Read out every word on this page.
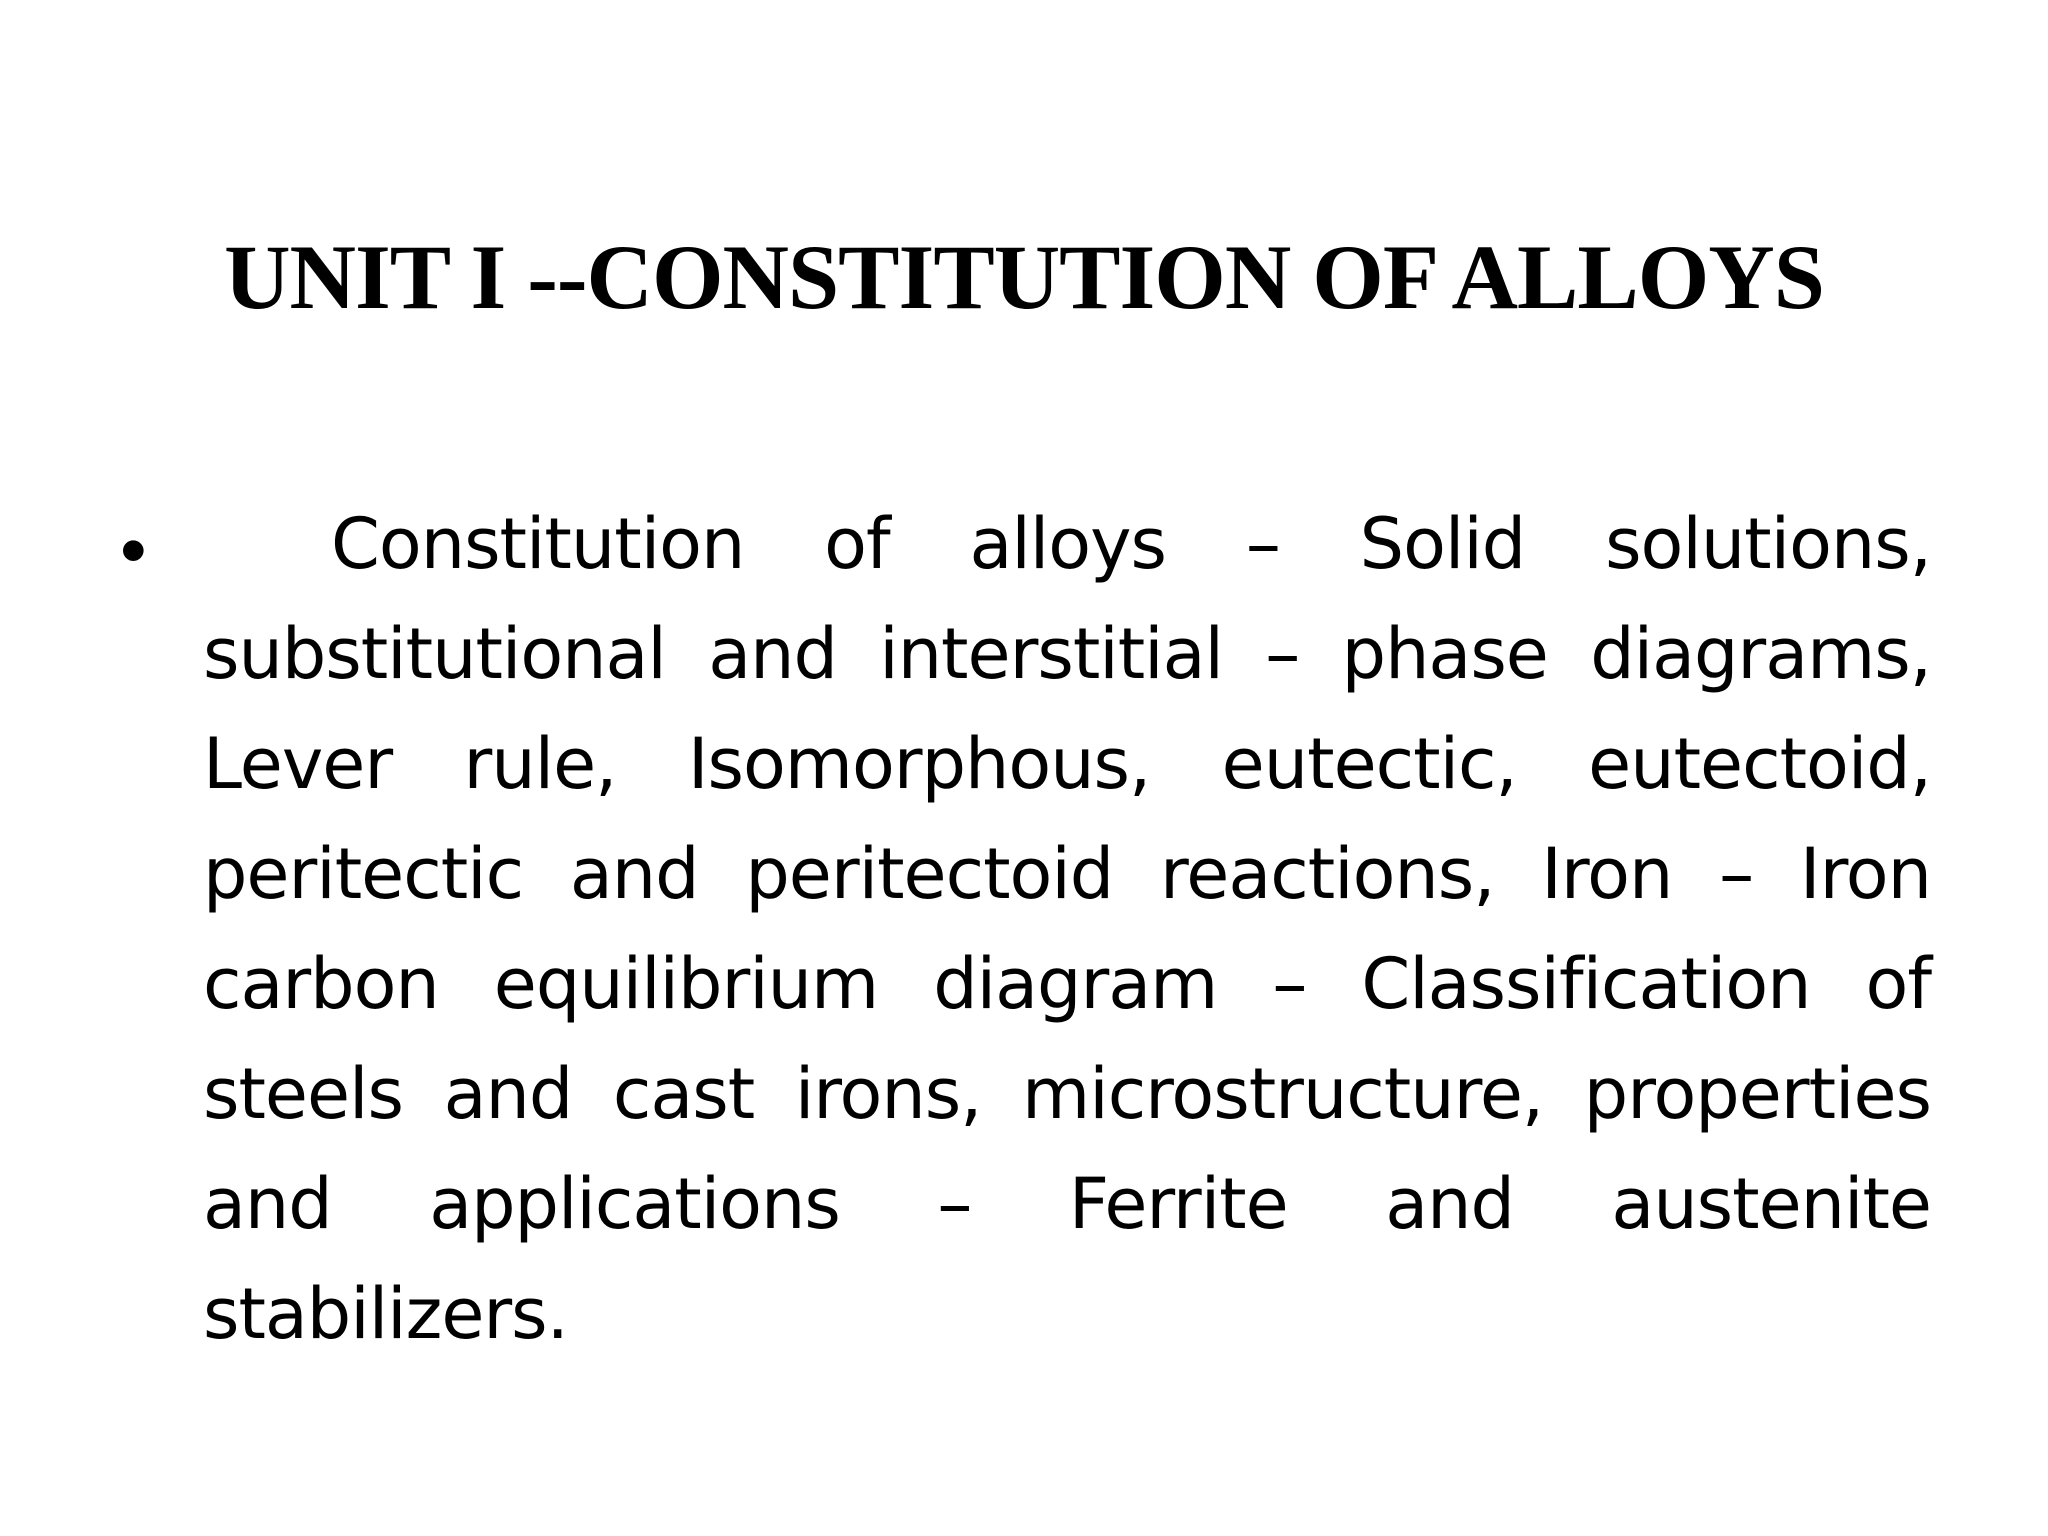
UNIT I --CONSTITUTION OF ALLOYS
•	Constitution of alloys – Solid solutions, substitutional and interstitial – phase diagrams, Lever rule, Isomorphous, eutectic, eutectoid, peritectic and peritectoid reactions, Iron – Iron carbon equilibrium diagram – Classification of steels and cast irons, microstructure, properties and applications – Ferrite and austenite stabilizers.
